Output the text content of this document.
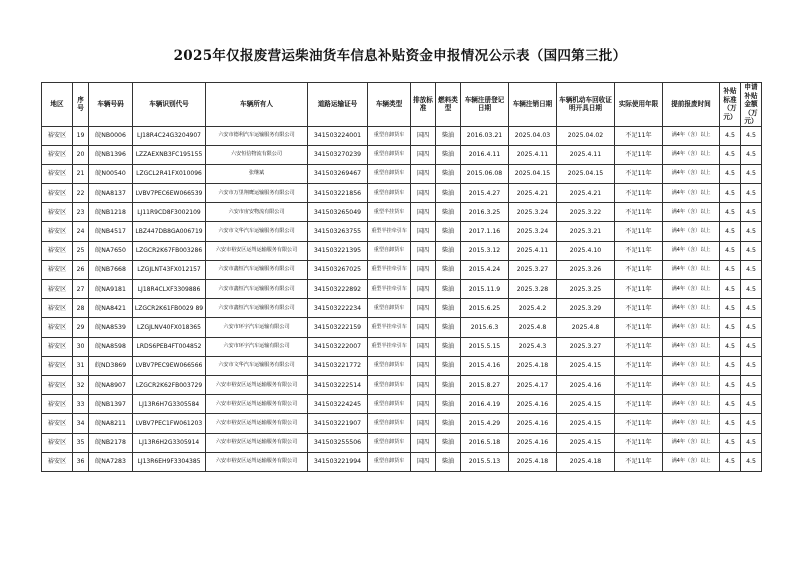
2025年仅报废营运柴油货车信息补贴资金申报情况公示表（国四第三批）
地区	序号	车辆号码	车辆识别代号	车辆所有人	道路运输证号	车辆类型	排放标准	燃料类型	车辆注册登记日期	车辆注销日期	车辆机动车回收证明开具日期	实际使用年限	提前报废时间	补贴标准（万元）	申请补贴金额（万元）
裕安区	19	皖NB0006	LJ18R4C24G3204907	六安市德利汽车运输服务有限公司	341503224001	重型自卸货车	国四	柴油	2016.03.21	2025.04.03	2025.04.02	不足11年	满4年（含）以上	4.5	4.5
裕安区	20	皖NB1396	LZZAEXNB3FC195155	六安恒信物流有限公司	341503270239	重型自卸货车	国四	柴油	2016.4.11	2025.4.11	2025.4.11	不足11年	满4年（含）以上	4.5	4.5
裕安区	21	皖N00540	LZGCL2R41FX010096	张继斌	341503269467	重型自卸货车	国四	柴油	2015.06.08	2025.04.15	2025.04.15	不足11年	满4年（含）以上	4.5	4.5
裕安区	22	皖NA8137	LVBV7PEC6EW066539	六安市万里翔鹰运输服务有限公司	341503221856	重型自卸货车	国四	柴油	2015.4.27	2025.4.21	2025.4.21	不足11年	满4年（含）以上	4.5	4.5
裕安区	23	皖NB1218	LJ11R9CD8F3002109	六安市宙安物流有限公司	341503265049	重型半挂货车	国四	柴油	2016.3.25	2025.3.24	2025.3.22	不足11年	满4年（含）以上	4.5	4.5
裕安区	24	皖NB4517	LBZ447DB8GA006719	六安市文华汽车运输服务有限公司	341503263755	重型半挂牵引车	国四	柴油	2017.1.16	2025.3.24	2025.3.21	不足11年	满4年（含）以上	4.5	4.5
裕安区	25	皖NA7650	LZGCR2K67FB003286	六安市裕安区运驾运输服务有限公司	341503221395	重型自卸货车	国四	柴油	2015.3.12	2025.4.11	2025.4.10	不足11年	满4年（含）以上	4.5	4.5
裕安区	26	皖NB7668	LZGJLNT43FX012157	六安市鑫恒汽车运输服务有限公司	341503267025	重型半挂牵引车	国四	柴油	2015.4.24	2025.3.27	2025.3.26	不足11年	满4年（含）以上	4.5	4.5
裕安区	27	皖NA9181	LJ18R4CLXF3309886	六安市鑫恒汽车运输服务有限公司	341503222892	重型半挂牵引车	国四	柴油	2015.11.9	2025.3.28	2025.3.25	不足11年	满4年（含）以上	4.5	4.5
裕安区	28	皖NA8421	LZGCR2K61FB0029 89	六安市鑫恒汽车运输服务有限公司	341503222234	重型自卸货车	国四	柴油	2015.6.25	2025.4.2	2025.3.29	不足11年	满4年（含）以上	4.5	4.5
裕安区	29	皖NA8539	LZGJLNV40FX018365	六安市环宇汽车运输有限公司	341503222159	重型半挂牵引车	国四	柴油	2015.6.3	2025.4.8	2025.4.8	不足11年	满4年（含）以上	4.5	4.5
裕安区	30	皖NA8598	LRDS6PEB4FT004852	六安市环宇汽车运输有限公司	341503222007	重型半挂牵引车	国四	柴油	2015.5.15	2025.4.3	2025.3.27	不足11年	满4年（含）以上	4.5	4.5
裕安区	31	皖ND3869	LVBV7PEC9EW066566	六安市文华汽车运输服务有限公司	341503221772	重型自卸货车	国四	柴油	2015.4.16	2025.4.18	2025.4.15	不足11年	满4年（含）以上	4.5	4.5
裕安区	32	皖NA8907	LZGCR2K62FB003729	六安市裕安区运驾运输服务有限公司	341503222514	重型自卸货车	国四	柴油	2015.8.27	2025.4.17	2025.4.16	不足11年	满4年（含）以上	4.5	4.5
裕安区	33	皖NB1397	LJ13R6H7G3305584	六安市裕安区运驾运输服务有限公司	341503224245	重型自卸货车	国四	柴油	2016.4.19	2025.4.16	2025.4.15	不足11年	满4年（含）以上	4.5	4.5
裕安区	34	皖NA8211	LVBV7PEC1FW061203	六安市裕安区运驾运输服务有限公司	341503221907	重型自卸货车	国四	柴油	2015.4.29	2025.4.16	2025.4.15	不足11年	满4年（含）以上	4.5	4.5
裕安区	35	皖NB2178	LJ13R6H2G3305914	六安市裕安区运驾运输服务有限公司	341503255506	重型自卸货车	国四	柴油	2016.5.18	2025.4.16	2025.4.15	不足11年	满4年（含）以上	4.5	4.5
裕安区	36	皖NA7283	LJ13R6EH9F3304385	六安市裕安区运驾运输服务有限公司	341503221994	重型自卸货车	国四	柴油	2015.5.13	2025.4.18	2025.4.18	不足11年	满4年（含）以上	4.5	4.5
